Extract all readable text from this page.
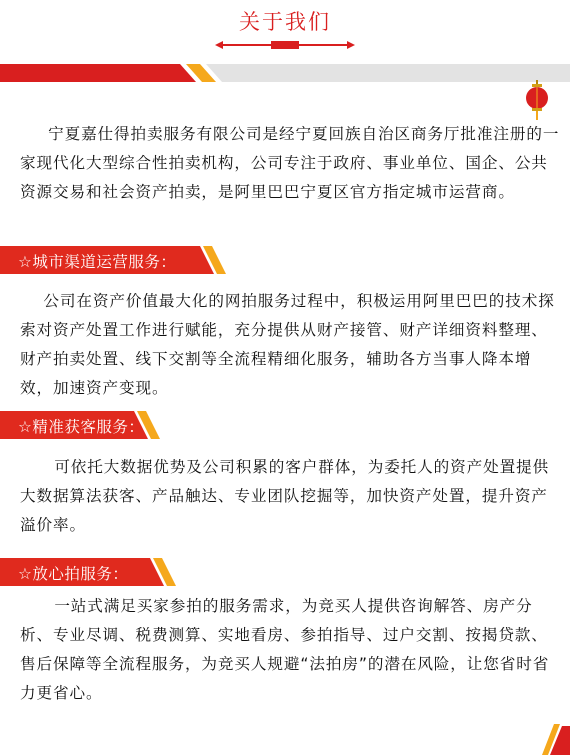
关于我们

宁夏嘉仕得拍卖服务有限公司是经宁夏回族自治区商务厅批准注册的一家现代化大型综合性拍卖机构，公司专注于政府、事业单位、国企、公共资源交易和社会资产拍卖，是阿里巴巴宁夏区官方指定城市运营商。

☆城市渠道运营服务：

公司在资产价值最大化的网拍服务过程中，积极运用阿里巴巴的技术探索对资产处置工作进行赋能，充分提供从财产接管、财产详细资料整理、财产拍卖处置、线下交割等全流程精细化服务，辅助各方当事人降本增效，加速资产变现。

☆精准获客服务：

可依托大数据优势及公司积累的客户群体，为委托人的资产处置提供大数据算法获客、产品触达、专业团队挖掘等，加快资产处置，提升资产溢价率。

☆放心拍服务：

一站式满足买家参拍的服务需求，为竞买人提供咨询解答、房产分析、专业尽调、税费测算、实地看房、参拍指导、过户交割、按揭贷款、售后保障等全流程服务，为竞买人规避“法拍房”的潜在风险，让您省时省力更省心。
